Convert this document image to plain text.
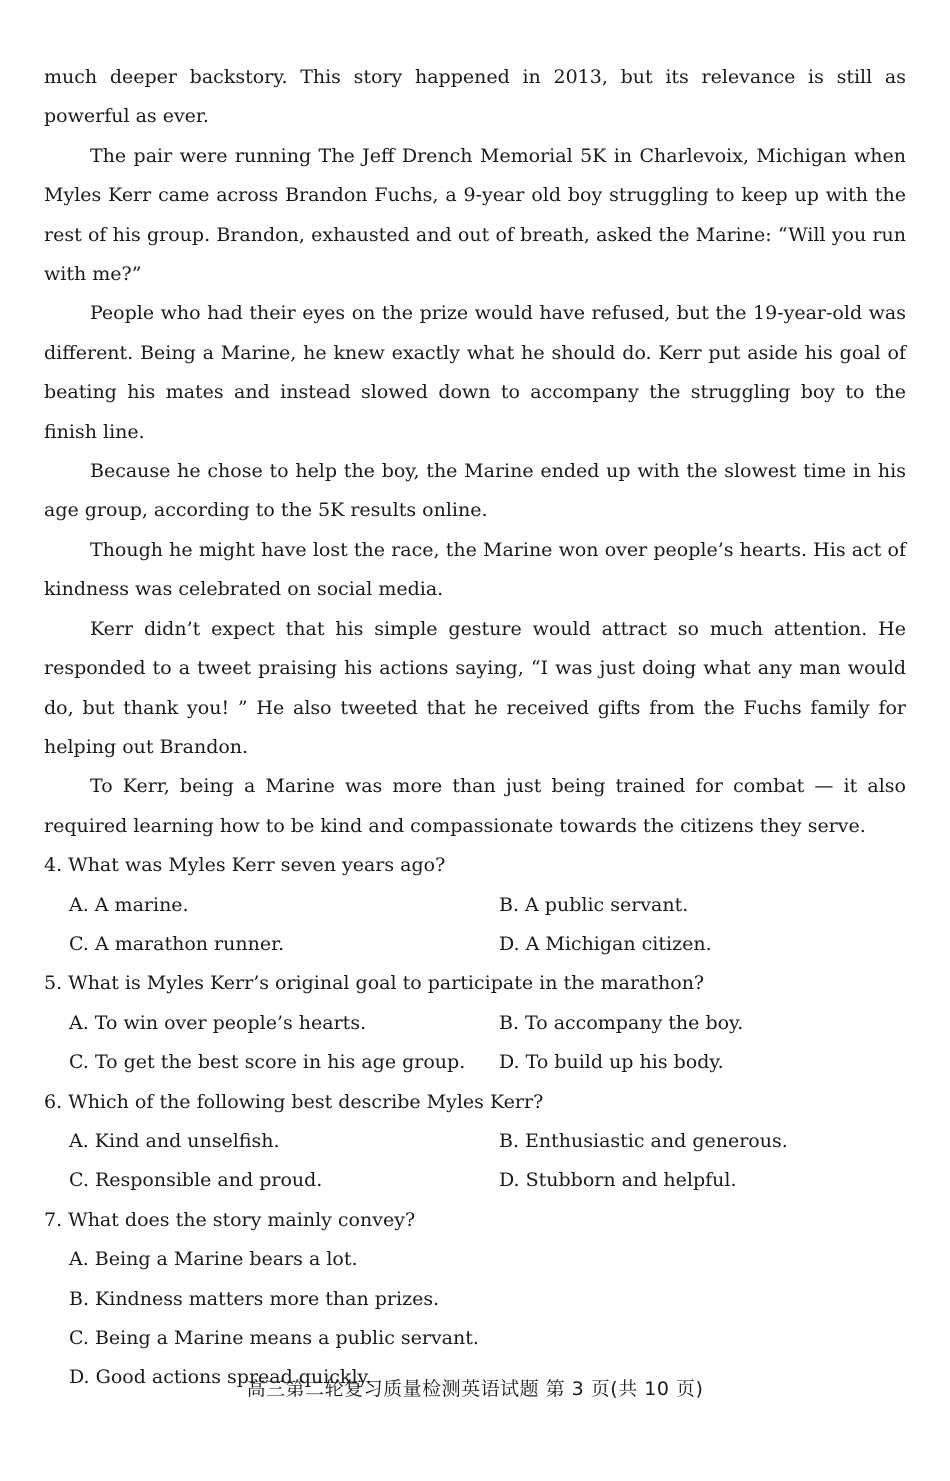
much deeper backstory. This story happened in 2013, but its relevance is still as powerful as ever.

The pair were running The Jeff Drench Memorial 5K in Charlevoix, Michigan when Myles Kerr came across Brandon Fuchs, a 9-year old boy struggling to keep up with the rest of his group. Brandon, exhausted and out of breath, asked the Marine: “Will you run with me?”

People who had their eyes on the prize would have refused, but the 19-year-old was different. Being a Marine, he knew exactly what he should do. Kerr put aside his goal of beating his mates and instead slowed down to accompany the struggling boy to the finish line.

Because he chose to help the boy, the Marine ended up with the slowest time in his age group, according to the 5K results online.

Though he might have lost the race, the Marine won over people’s hearts. His act of kindness was celebrated on social media.

Kerr didn’t expect that his simple gesture would attract so much attention. He responded to a tweet praising his actions saying, “I was just doing what any man would do, but thank you! ” He also tweeted that he received gifts from the Fuchs family for helping out Brandon.

To Kerr, being a Marine was more than just being trained for combat — it also required learning how to be kind and compassionate towards the citizens they serve.

4. What was Myles Kerr seven years ago?

A. A marine.	B. A public servant.
C. A marathon runner.	D. A Michigan citizen.

5. What is Myles Kerr’s original goal to participate in the marathon?

A. To win over people’s hearts.	B. To accompany the boy.
C. To get the best score in his age group.	D. To build up his body.

6. Which of the following best describe Myles Kerr?

A. Kind and unselfish.	B. Enthusiastic and generous.
C. Responsible and proud.	D. Stubborn and helpful.

7. What does the story mainly convey?

A. Being a Marine bears a lot.
B. Kindness matters more than prizes.
C. Being a Marine means a public servant.
D. Good actions spread quickly.
高三第二轮复习质量检测英语试题 第 3 页(共 10 页)
